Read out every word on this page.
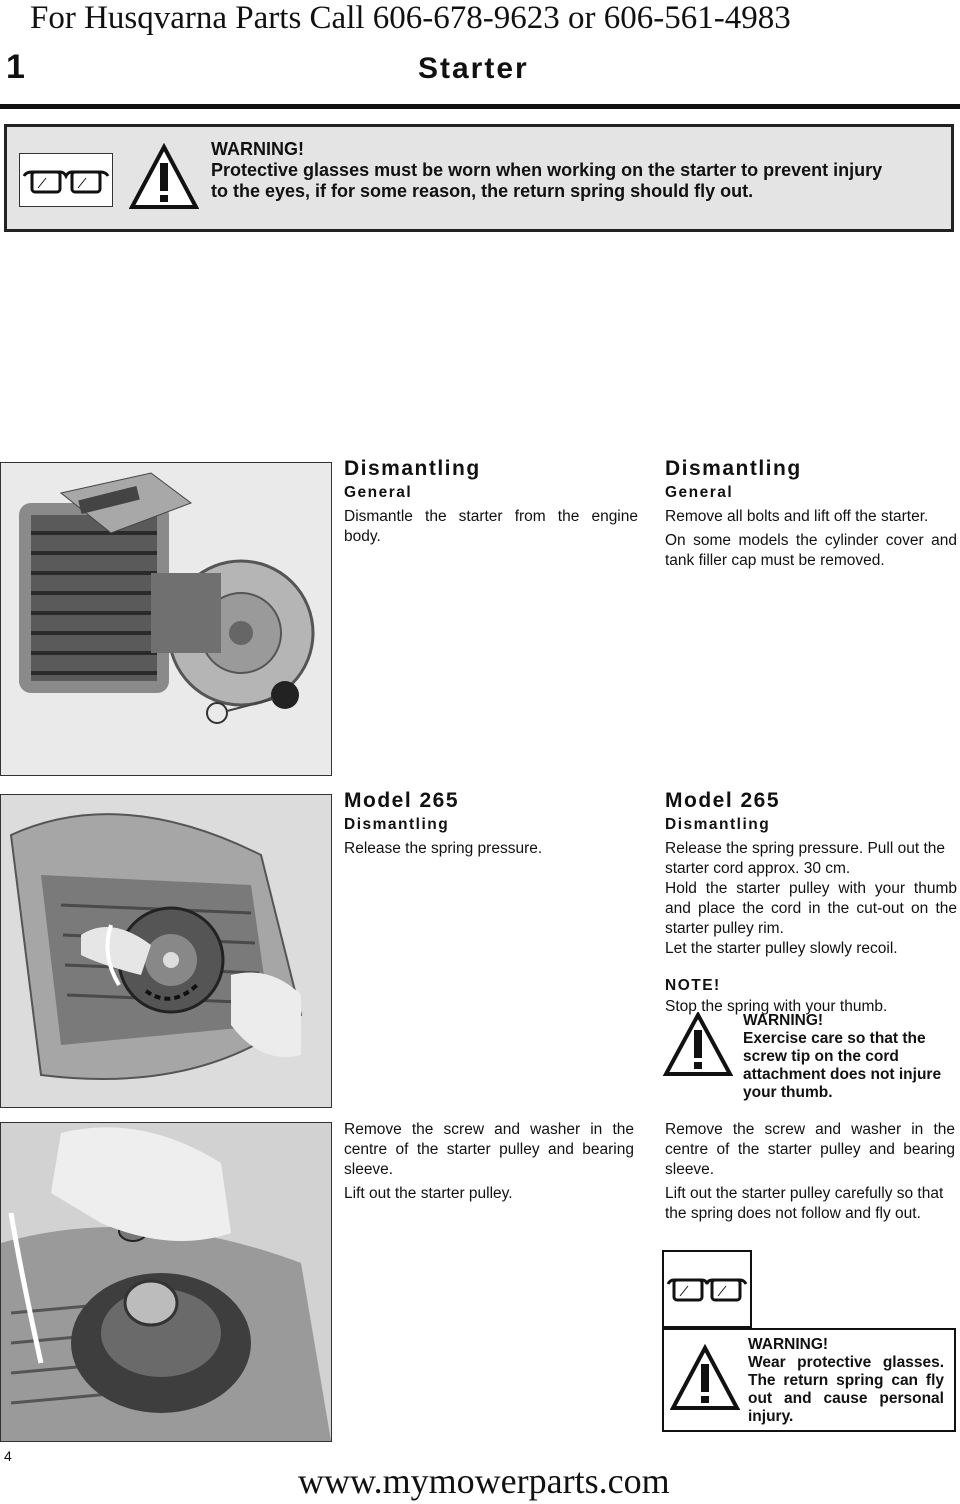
For Husqvarna Parts Call 606-678-9623 or 606-561-4983
1	Starter
WARNING!
Protective glasses must be worn when working on the starter to prevent injury
to the eyes, if for some reason, the return spring should fly out.
Dismantling
General
Dismantle the starter from the engine body.
Dismantling
General
Remove all bolts and lift off the starter.
On some models the cylinder cover and tank filler cap must be removed.
Model 265
Dismantling
Release the spring pressure.
Model 265
Dismantling
Release the spring pressure. Pull out the starter cord approx. 30 cm.
Hold the starter pulley with your thumb and place the cord in the cut-out on the starter pulley rim.
Let the starter pulley slowly recoil.
NOTE!
Stop the spring with your thumb.
WARNING!
Exercise care so that the screw tip on the cord attachment does not injure your thumb.
Remove the screw and washer in the centre of the starter pulley and bearing sleeve.
Lift out the starter pulley.
Remove the screw and washer in the centre of the starter pulley and bearing sleeve.
Lift out the starter pulley carefully so that the spring does not follow and fly out.
WARNING!
Wear protective glasses. The return spring can fly out and cause personal injury.
4
www.mymowerparts.com
